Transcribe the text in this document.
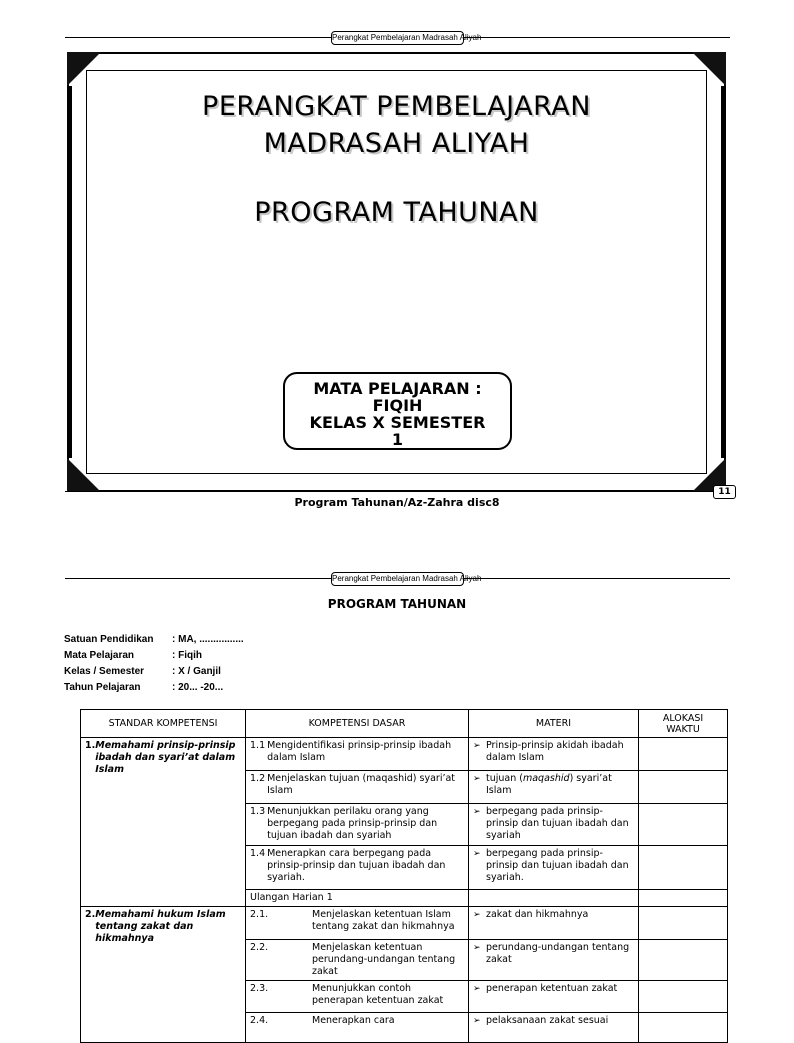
Perangkat Pembelajaran Madrasah Aliyah
PERANGKAT PEMBELAJARAN
MADRASAH ALIYAH
PROGRAM TAHUNAN
MATA PELAJARAN :
FIQIH
KELAS X SEMESTER
1
11
Program Tahunan/Az-Zahra disc8
Perangkat Pembelajaran Madrasah Aliyah
PROGRAM TAHUNAN
Satuan Pendidikan	: MA, ................
Mata Pelajaran	: Fiqih
Kelas / Semester	: X / Ganjil
Tahun Pelajaran	: 20... -20...
STANDAR KOMPETENSI	KOMPETENSI DASAR	MATERI	ALOKASI WAKTU

1. Memahami prinsip-prinsip ibadah dan syari’at dalam Islam	1.1 Mengidentifikasi prinsip-prinsip ibadah dalam Islam	➢ Prinsip-prinsip akidah ibadah dalam Islam	

	1.2 Menjelaskan tujuan (maqashid) syari’at Islam	➢ tujuan (maqashid) syari’at Islam	

	1.3 Menunjukkan perilaku orang yang berpegang pada prinsip-prinsip dan tujuan ibadah dan syariah	➢ berpegang pada prinsip-prinsip dan tujuan ibadah dan syariah	

	1.4 Menerapkan cara berpegang pada prinsip-prinsip dan tujuan ibadah dan syariah.	➢ berpegang pada prinsip-prinsip dan tujuan ibadah dan syariah.	

	Ulangan Harian 1		

2. Memahami hukum Islam tentang zakat dan hikmahnya	2.1. Menjelaskan ketentuan Islam tentang zakat dan hikmahnya	➢ zakat dan hikmahnya	

	2.2. Menjelaskan ketentuan perundang-undangan tentang zakat	➢ perundang-undangan tentang zakat	

	2.3. Menunjukkan contoh penerapan ketentuan zakat	➢ penerapan ketentuan zakat	

	2.4. Menerapkan cara	➢ pelaksanaan zakat sesuai	
